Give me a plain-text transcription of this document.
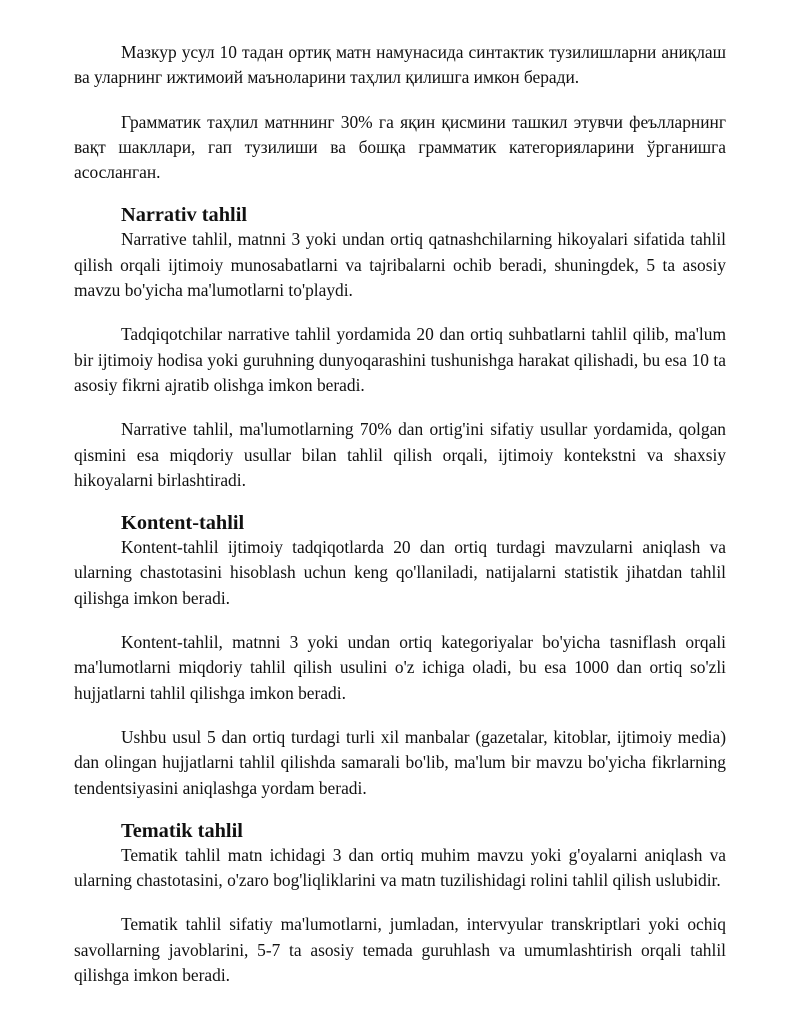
Мазкур усул 10 тадан ортиқ матн намунасида синтактик тузилишларни аниқлаш ва уларнинг ижтимоий маъноларини таҳлил қилишга имкон беради.

Грамматик таҳлил матннинг 30% га яқин қисмини ташкил этувчи феълларнинг вақт шакллари, гап тузилиши ва бошқа грамматик категорияларини ўрганишга асосланган.

Narrativ tahlil

Narrative tahlil, matnni 3 yoki undan ortiq qatnashchilarning hikoyalari sifatida tahlil qilish orqali ijtimoiy munosabatlarni va tajribalarni ochib beradi, shuningdek, 5 ta asosiy mavzu bo'yicha ma'lumotlarni to'playdi.

Tadqiqotchilar narrative tahlil yordamida 20 dan ortiq suhbatlarni tahlil qilib, ma'lum bir ijtimoiy hodisa yoki guruhning dunyoqarashini tushunishga harakat qilishadi, bu esa 10 ta asosiy fikrni ajratib olishga imkon beradi.

Narrative tahlil, ma'lumotlarning 70% dan ortig'ini sifatiy usullar yordamida, qolgan qismini esa miqdoriy usullar bilan tahlil qilish orqali, ijtimoiy kontekstni va shaxsiy hikoyalarni birlashtiradi.

Kontent-tahlil

Kontent-tahlil ijtimoiy tadqiqotlarda 20 dan ortiq turdagi mavzularni aniqlash va ularning chastotasini hisoblash uchun keng qo'llaniladi, natijalarni statistik jihatdan tahlil qilishga imkon beradi.

Kontent-tahlil, matnni 3 yoki undan ortiq kategoriyalar bo'yicha tasniflash orqali ma'lumotlarni miqdoriy tahlil qilish usulini o'z ichiga oladi, bu esa 1000 dan ortiq so'zli hujjatlarni tahlil qilishga imkon beradi.

Ushbu usul 5 dan ortiq turdagi turli xil manbalar (gazetalar, kitoblar, ijtimoiy media) dan olingan hujjatlarni tahlil qilishda samarali bo'lib, ma'lum bir mavzu bo'yicha fikrlarning tendentsiyasini aniqlashga yordam beradi.

Tematik tahlil

Tematik tahlil matn ichidagi 3 dan ortiq muhim mavzu yoki g'oyalarni aniqlash va ularning chastotasini, o'zaro bog'liqliklarini va matn tuzilishidagi rolini tahlil qilish uslubidir.

Tematik tahlil sifatiy ma'lumotlarni, jumladan, intervyular transkriptlari yoki ochiq savollarning javoblarini, 5-7 ta asosiy temada guruhlash va umumlashtirish orqali tahlil qilishga imkon beradi.
